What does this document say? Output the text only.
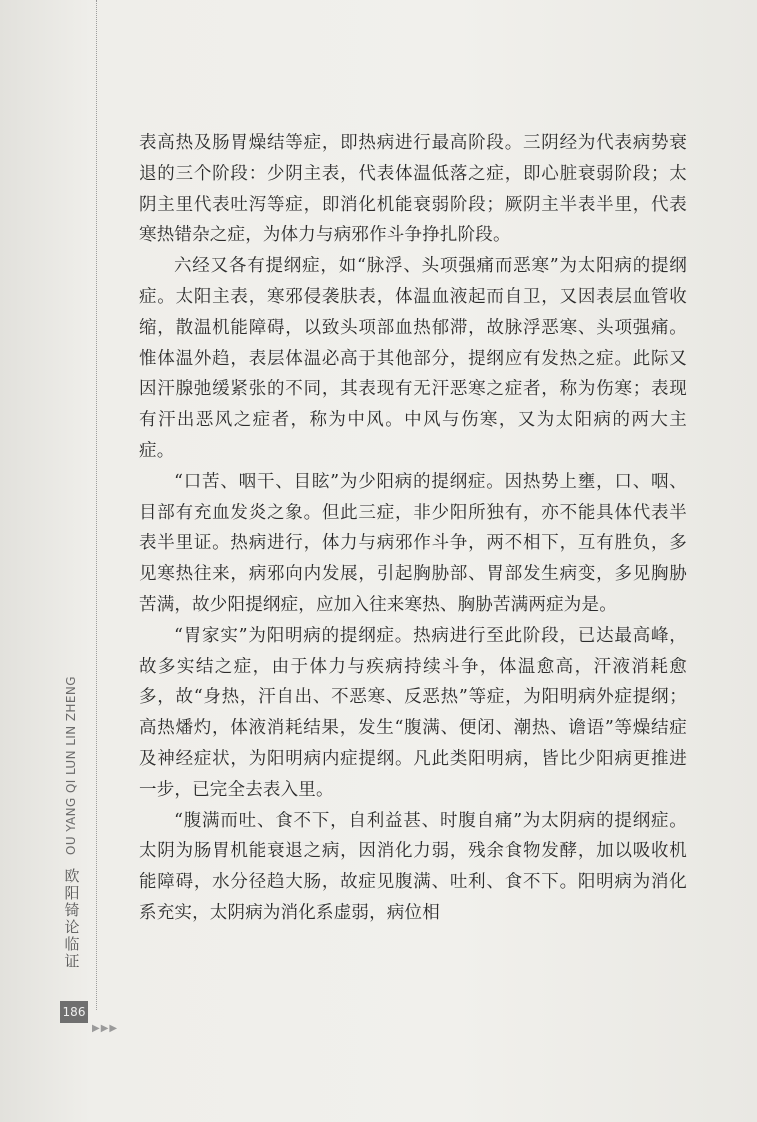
OU YANG QI LUN LIN ZHENG
欧
阳
锜
论
临
证
186
▶▶▶

表高热及肠胃燥结等症，即热病进行最高阶段。三阴经为代表病势衰退的三个阶段：少阴主表，代表体温低落之症，即心脏衰弱阶段；太阴主里代表吐泻等症，即消化机能衰弱阶段；厥阴主半表半里，代表寒热错杂之症，为体力与病邪作斗争挣扎阶段。

六经又各有提纲症，如“脉浮、头项强痛而恶寒”为太阳病的提纲症。太阳主表，寒邪侵袭肤表，体温血液起而自卫，又因表层血管收缩，散温机能障碍，以致头项部血热郁滞，故脉浮恶寒、头项强痛。惟体温外趋，表层体温必高于其他部分，提纲应有发热之症。此际又因汗腺弛缓紧张的不同，其表现有无汗恶寒之症者，称为伤寒；表现有汗出恶风之症者，称为中风。中风与伤寒，又为太阳病的两大主症。

“口苦、咽干、目眩”为少阳病的提纲症。因热势上壅，口、咽、目部有充血发炎之象。但此三症，非少阳所独有，亦不能具体代表半表半里证。热病进行，体力与病邪作斗争，两不相下，互有胜负，多见寒热往来，病邪向内发展，引起胸胁部、胃部发生病变，多见胸胁苦满，故少阳提纲症，应加入往来寒热、胸胁苦满两症为是。

“胃家实”为阳明病的提纲症。热病进行至此阶段，已达最高峰，故多实结之症，由于体力与疾病持续斗争，体温愈高，汗液消耗愈多，故“身热，汗自出、不恶寒、反恶热”等症，为阳明病外症提纲；高热燔灼，体液消耗结果，发生“腹满、便闭、潮热、谵语”等燥结症及神经症状，为阳明病内症提纲。凡此类阳明病，皆比少阳病更推进一步，已完全去表入里。

“腹满而吐、食不下，自利益甚、时腹自痛”为太阴病的提纲症。太阴为肠胃机能衰退之病，因消化力弱，残余食物发酵，加以吸收机能障碍，水分径趋大肠，故症见腹满、吐利、食不下。阳明病为消化系充实，太阴病为消化系虚弱，病位相
